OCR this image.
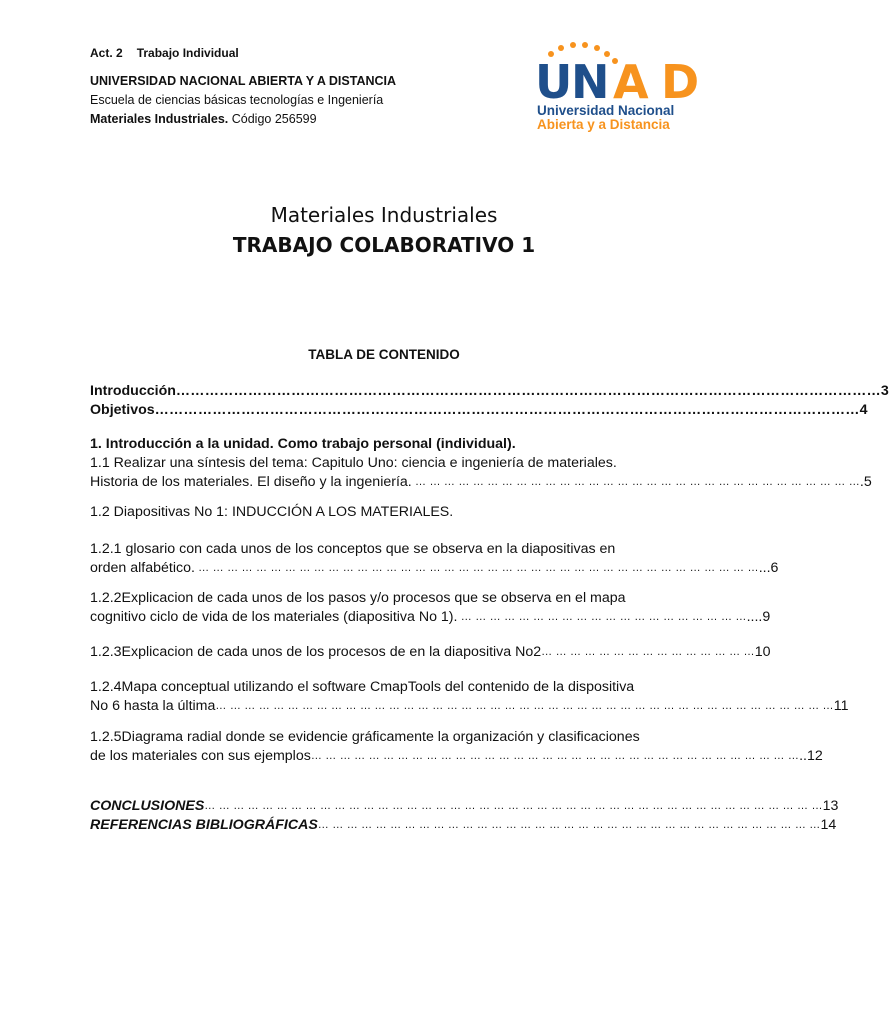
Act. 2 Trabajo Individual
UNIVERSIDAD NACIONAL ABIERTA Y A DISTANCIA
Escuela de ciencias básicas tecnologías e Ingeniería
Materiales Industriales. Código 256599
U
N A D
Universidad Nacional
Abierta y a Distancia
Materiales Industriales
TRABAJO COLABORATIVO 1
TABLA DE CONTENIDO
Introducción ………………………………………………………………………………………………………………………………… 3
Objetivos ………………………………………………………………………………………………………………………………… 4
1. Introducción a la unidad. Como trabajo personal (individual).
1.1 Realizar una síntesis del tema: Capitulo Uno: ciencia e ingeniería de materiales.
Historia de los materiales. El diseño y la ingeniería. … … … … … … … … … … … … … … … … … … … … … … … … … … … … … … … .5
1.2 Diapositivas No 1: INDUCCIÓN A LOS MATERIALES.
1.2.1 glosario con cada unos de los conceptos que se observa en la diapositivas en
orden alfabético. … … … … … … … … … … … … … … … … … … … … … … … … … … … … … … … … … … … … … … … ...6
1.2.2Explicacion de cada unos de los pasos y/o procesos que se observa en el mapa
cognitivo ciclo de vida de los materiales (diapositiva No 1). … … … … … … … … … … … … … … … … … … … … ....9
1.2.3Explicacion de cada unos de los procesos de en la diapositiva No2 … … … … … … … … … … … … … … … 10
1.2.4Mapa conceptual utilizando el software CmapTools del contenido de la dispositiva
No 6 hasta la última … … … … … … … … … … … … … … … … … … … … … … … … … … … … … … … … … … … … … … … … … … … 11
1.2.5Diagrama radial donde se evidencie gráficamente la organización y clasificaciones
de los materiales con sus ejemplos … … … … … … … … … … … … … … … … … … … … … … … … … … … … … … … … … … ..12
CONCLUSIONES … … … … … … … … … … … … … … … … … … … … … … … … … … … … … … … … … … … … … … … … … … … 13
REFERENCIAS BIBLIOGRÁFICAS … … … … … … … … … … … … … … … … … … … … … … … … … … … … … … … … … … … 14
